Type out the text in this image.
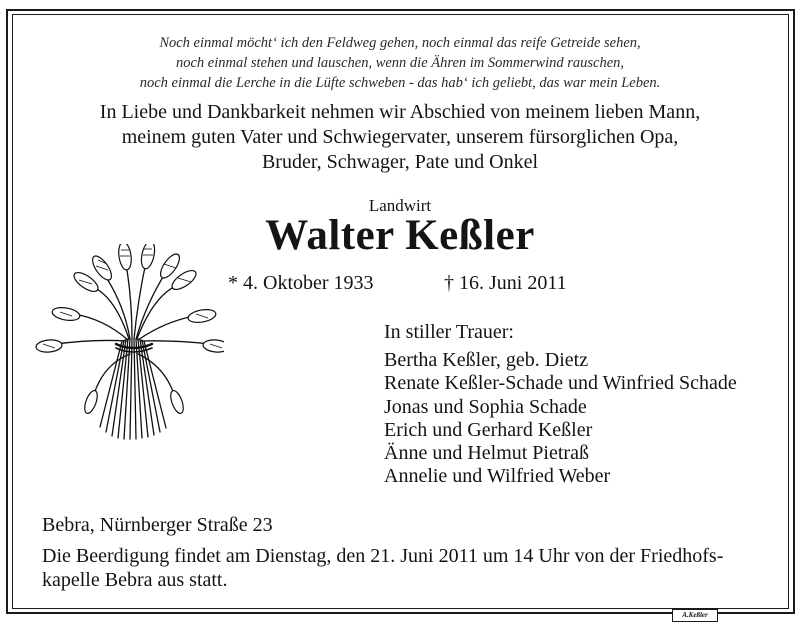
Noch einmal möcht‘ ich den Feldweg gehen, noch einmal das reife Getreide sehen,
noch einmal stehen und lauschen, wenn die Ähren im Sommerwind rauschen,
noch einmal die Lerche in die Lüfte schweben - das hab‘ ich geliebt, das war mein Leben.
In Liebe und Dankbarkeit nehmen wir Abschied von meinem lieben Mann,
meinem guten Vater und Schwiegervater, unserem fürsorglichen Opa,
Bruder, Schwager, Pate und Onkel
Landwirt
Walter Keßler
* 4. Oktober 1933	† 16. Juni 2011
In stiller Trauer:
Bertha Keßler, geb. Dietz
Renate Keßler-Schade und Winfried Schade
Jonas und Sophia Schade
Erich und Gerhard Keßler
Änne und Helmut Pietraß
Annelie und Wilfried Weber
Bebra, Nürnberger Straße 23
Die Beerdigung findet am Dienstag, den 21. Juni 2011 um 14 Uhr von der Friedhofs-
kapelle Bebra aus statt.
A.Keßler
